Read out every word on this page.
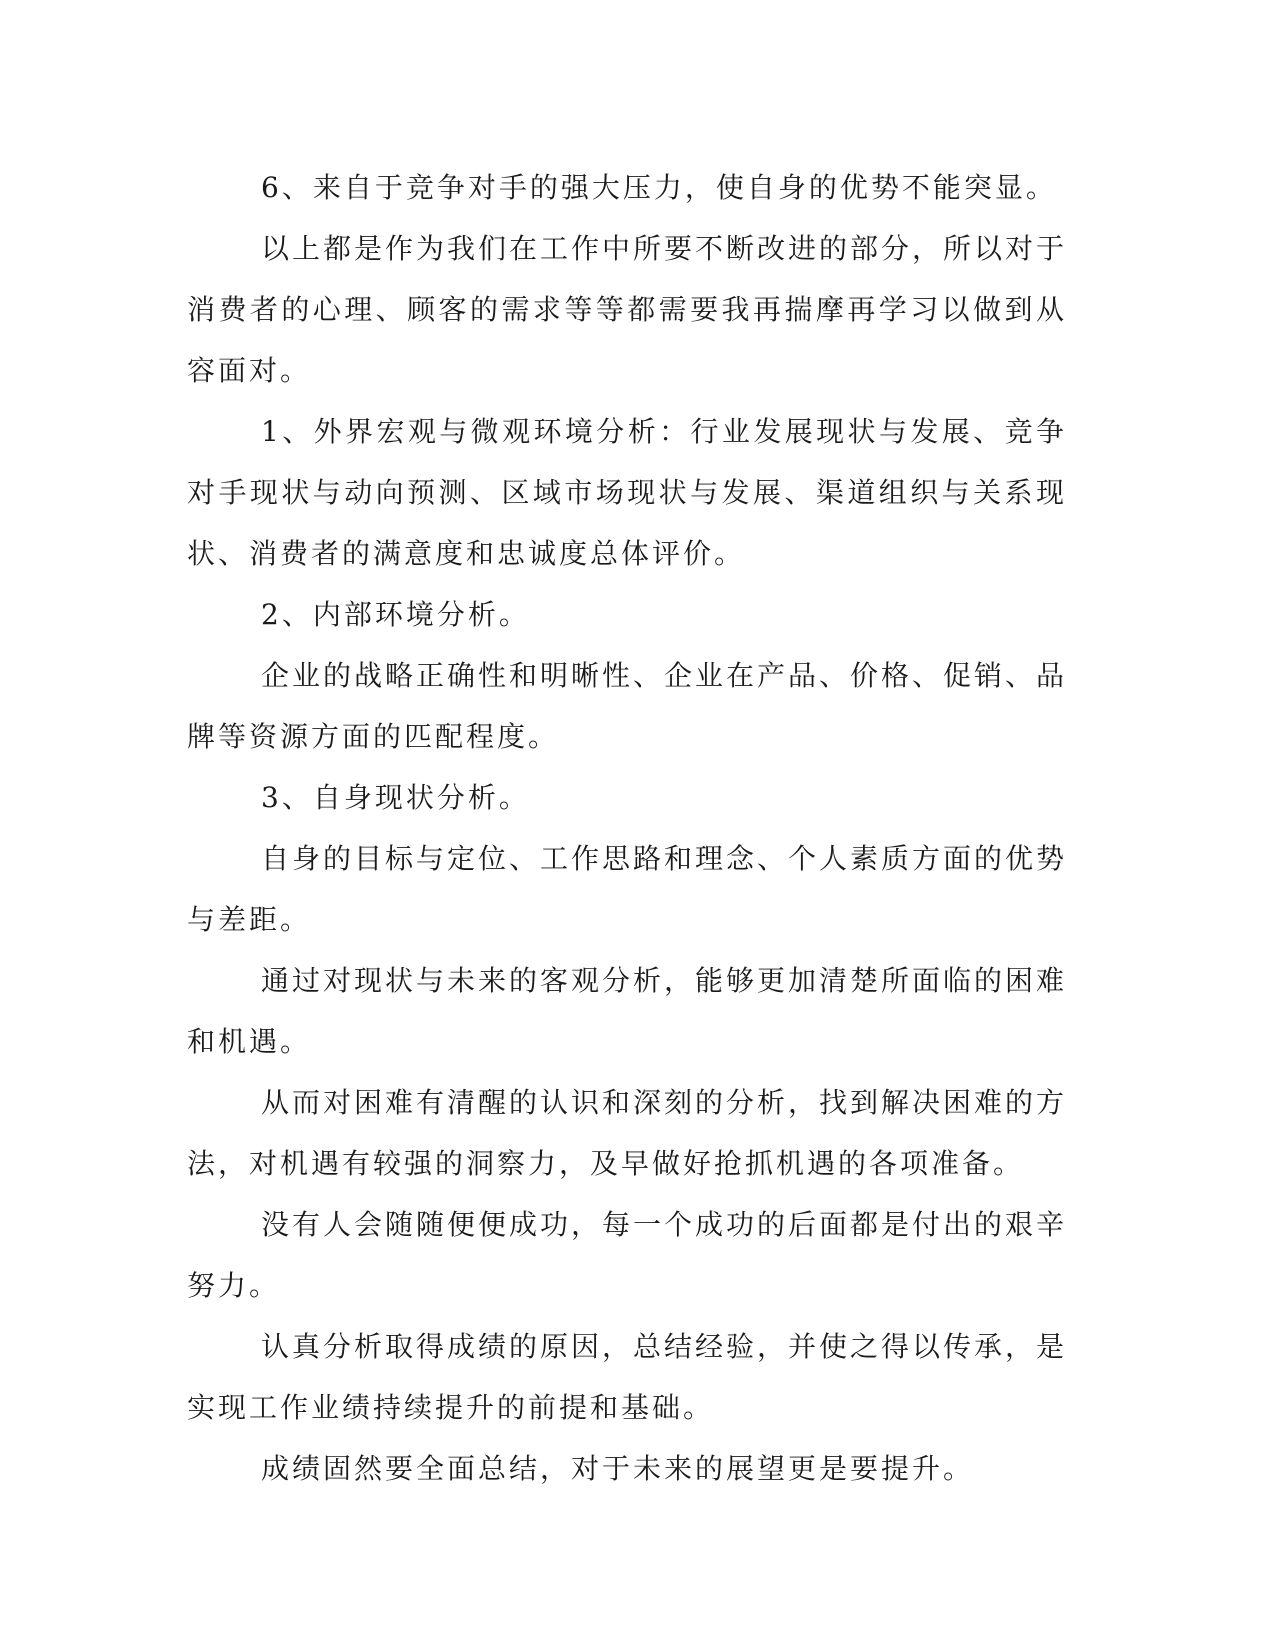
6、来自于竞争对手的强大压力，使自身的优势不能突显。

以上都是作为我们在工作中所要不断改进的部分，所以对于消费者的心理、顾客的需求等等都需要我再揣摩再学习以做到从容面对。

1、外界宏观与微观环境分析：行业发展现状与发展、竞争对手现状与动向预测、区域市场现状与发展、渠道组织与关系现状、消费者的满意度和忠诚度总体评价。

2、内部环境分析。

企业的战略正确性和明晰性、企业在产品、价格、促销、品牌等资源方面的匹配程度。

3、自身现状分析。

自身的目标与定位、工作思路和理念、个人素质方面的优势与差距。

通过对现状与未来的客观分析，能够更加清楚所面临的困难和机遇。

从而对困难有清醒的认识和深刻的分析，找到解决困难的方法，对机遇有较强的洞察力，及早做好抢抓机遇的各项准备。

没有人会随随便便成功，每一个成功的后面都是付出的艰辛努力。

认真分析取得成绩的原因，总结经验，并使之得以传承，是实现工作业绩持续提升的前提和基础。

成绩固然要全面总结，对于未来的展望更是要提升。
